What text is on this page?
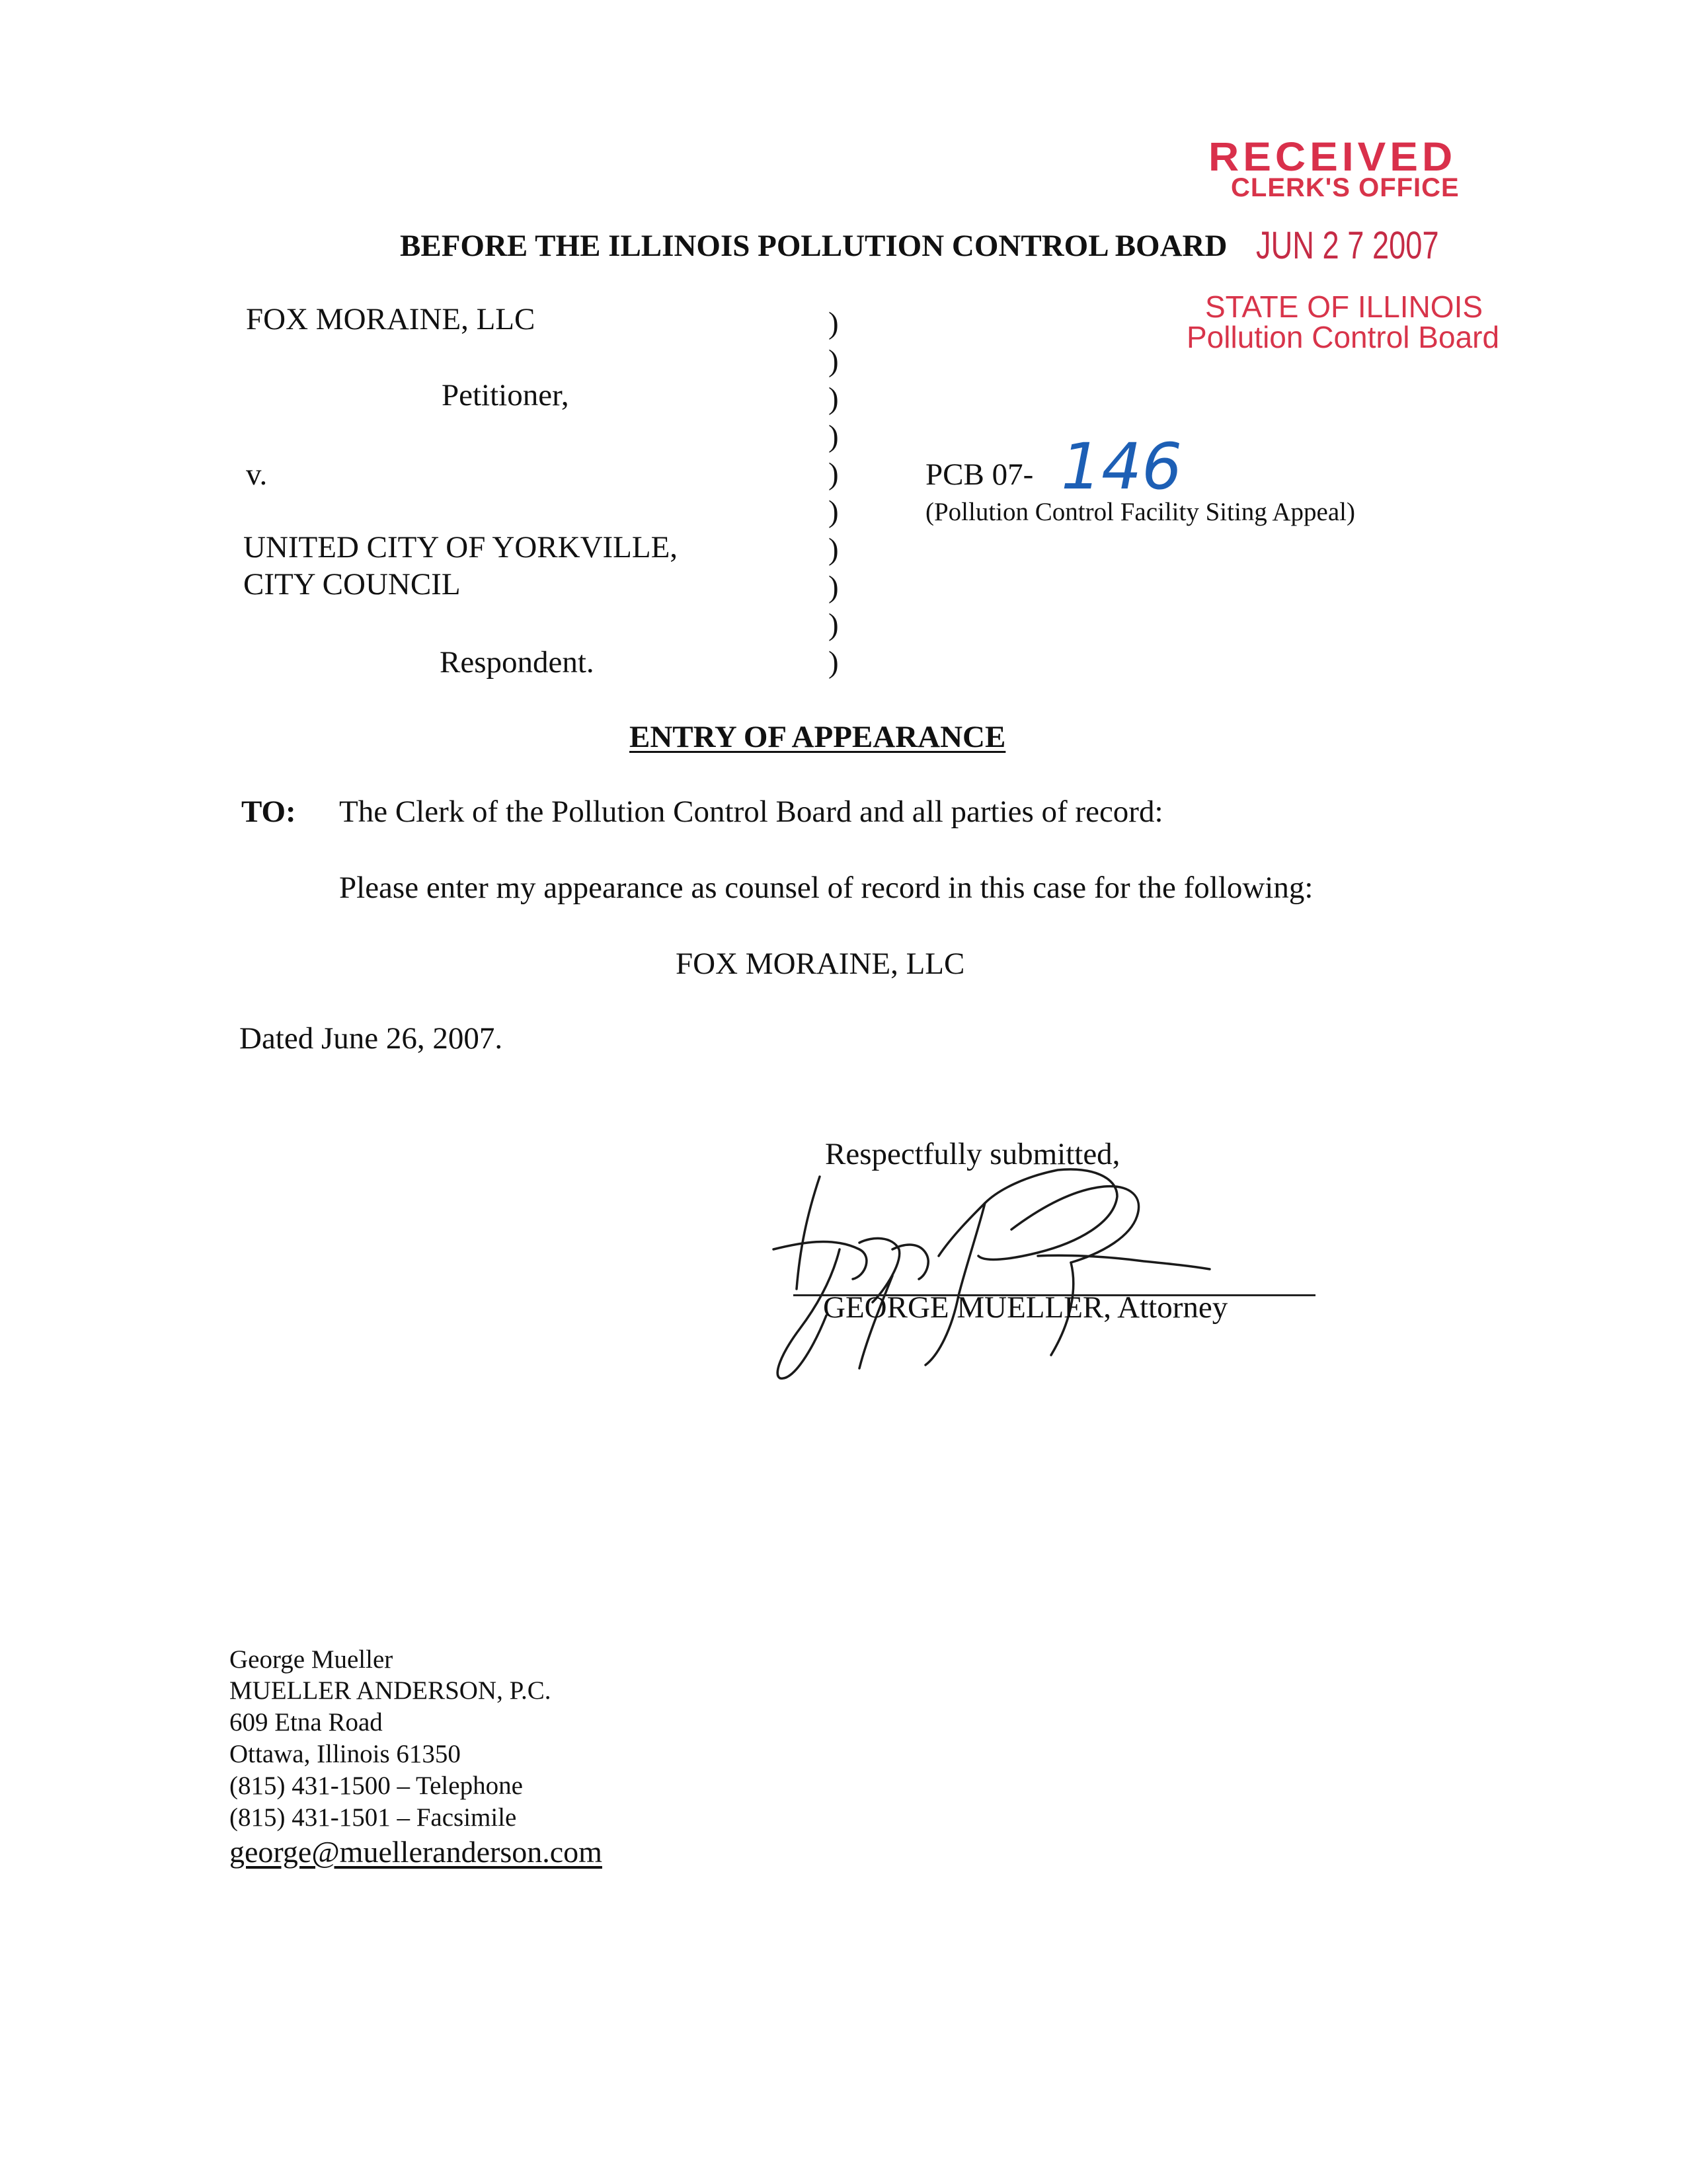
RECEIVED
CLERK'S OFFICE
JUN 2 7 2007
STATE OF ILLINOIS
Pollution Control Board
BEFORE THE ILLINOIS POLLUTION CONTROL BOARD
FOX MORAINE, LLC
Petitioner,
v.
UNITED CITY OF YORKVILLE,
CITY COUNCIL
Respondent.
)
)
)
)
)
)
)
)
)
)
PCB 07- 146
(Pollution Control Facility Siting Appeal)
ENTRY OF APPEARANCE
TO: The Clerk of the Pollution Control Board and all parties of record:
Please enter my appearance as counsel of record in this case for the following:
FOX MORAINE, LLC
Dated June 26, 2007.
Respectfully submitted,
GEORGE MUELLER, Attorney
George Mueller
MUELLER ANDERSON, P.C.
609 Etna Road
Ottawa, Illinois 61350
(815) 431-1500 – Telephone
(815) 431-1501 – Facsimile
george@muelleranderson.com
